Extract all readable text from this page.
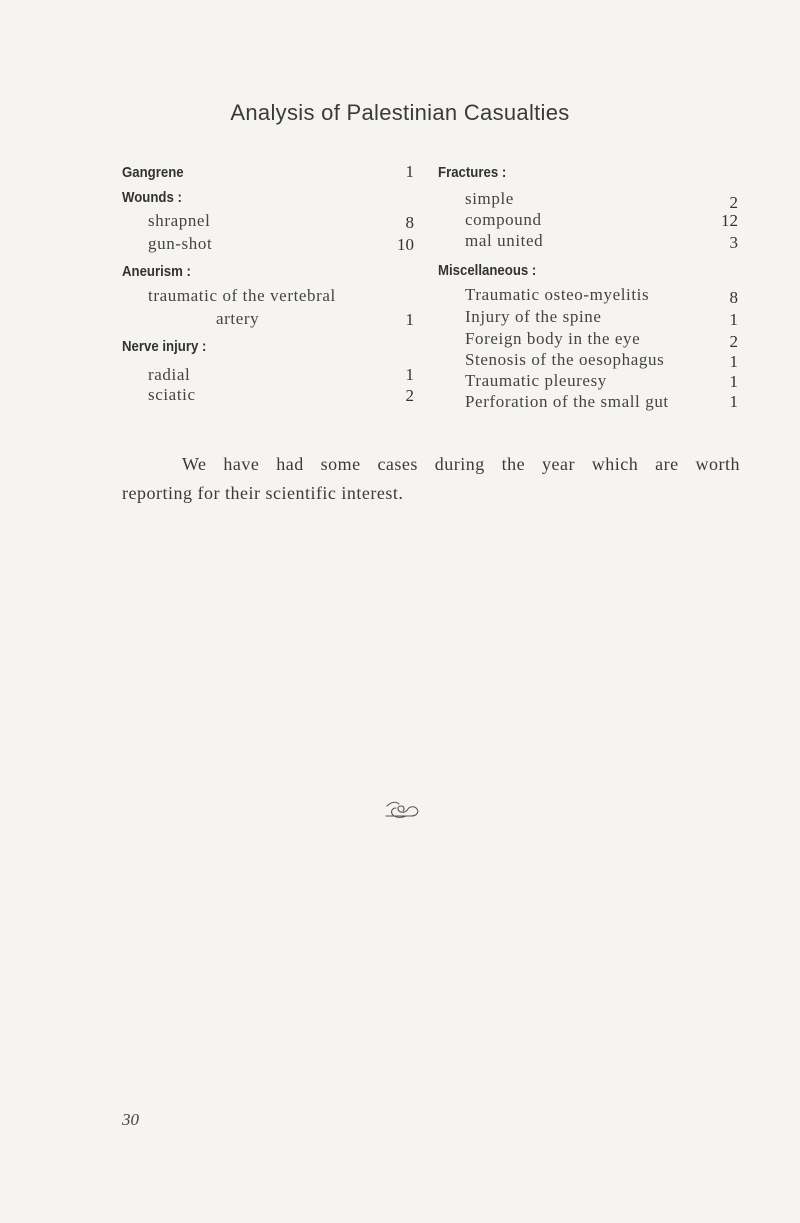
Analysis of Palestinian Casualties
Gangrene	1
Wounds :
shrapnel	8
gun-shot	10
Aneurism :
traumatic of the vertebral
artery	1
Nerve injury :
radial	1
sciatic	2
Fractures :
simple	2
compound	12
mal united	3
Miscellaneous :
Traumatic osteo-myelitis	8
Injury of the spine	1
Foreign body in the eye	2
Stenosis of the oesophagus	1
Traumatic pleuresy	1
Perforation of the small gut	1
We have had some cases during the year which are worth
reporting for their scientific interest.
30
